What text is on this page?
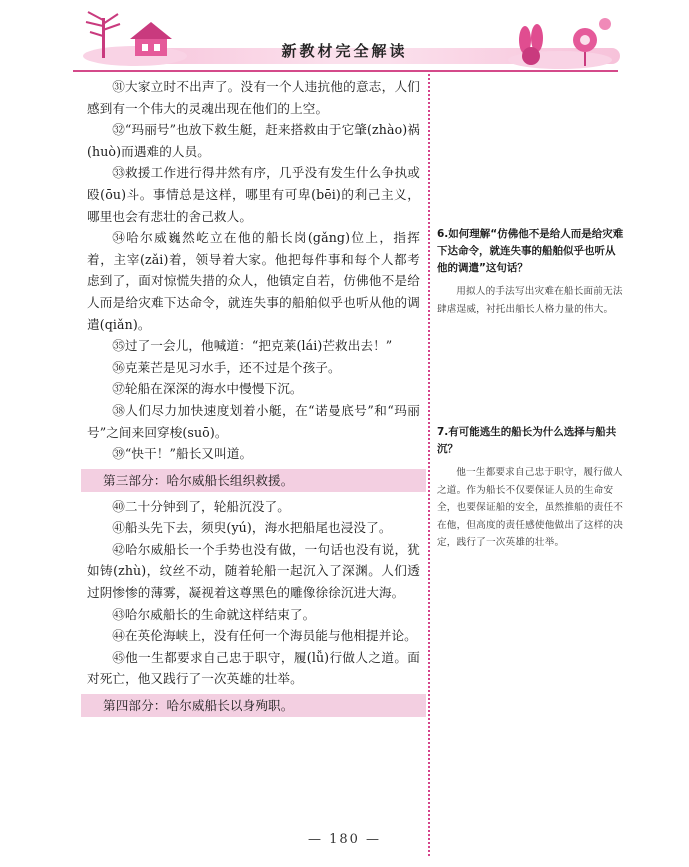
新教材完全解读

㉛大家立时不出声了。没有一个人违抗他的意志，人们感到有一个伟大的灵魂出现在他们的上空。

㉜“玛丽号”也放下救生艇，赶来搭救由于它肇(zhào)祸(huò)而遇难的人员。

㉝救援工作进行得井然有序，几乎没有发生什么争执或殴(ōu)斗。事情总是这样，哪里有可卑(bēi)的利己主义，哪里也会有悲壮的舍己救人。

㉞哈尔威巍然屹立在他的船长岗(gǎng)位上，指挥着，主宰(zǎi)着，领导着大家。他把每件事和每个人都考虑到了，面对惊慌失措的众人，他镇定自若，仿佛他不是给人而是给灾难下达命令，就连失事的船舶似乎也听从他的调遣(qiǎn)。

㉟过了一会儿，他喊道：“把克莱(lái)芒救出去！”

㊱克莱芒是见习水手，还不过是个孩子。

㊲轮船在深深的海水中慢慢下沉。

㊳人们尽力加快速度划着小艇，在“诺曼底号”和“玛丽号”之间来回穿梭(suō)。

㊴“快干！”船长又叫道。

第三部分：哈尔威船长组织救援。

㊵二十分钟到了，轮船沉没了。

㊶船头先下去，须臾(yú)，海水把船尾也浸没了。

㊷哈尔威船长一个手势也没有做，一句话也没有说，犹如铸(zhù)，纹丝不动，随着轮船一起沉入了深渊。人们透过阴惨惨的薄雾，凝视着这尊黑色的雕像徐徐沉进大海。

㊸哈尔威船长的生命就这样结束了。

㊹在英伦海峡上，没有任何一个海员能与他相提并论。

㊺他一生都要求自己忠于职守，履(lǚ)行做人之道。面对死亡，他又践行了一次英雄的壮举。

第四部分：哈尔威船长以身殉职。

6.如何理解“仿佛他不是给人而是给灾难下达命令，就连失事的船舶似乎也听从他的调遣”这句话？

用拟人的手法写出灾难在船长面前无法肆虐逞威，衬托出船长人格力量的伟大。

7.有可能逃生的船长为什么选择与船共沉？

他一生都要求自己忠于职守，履行做人之道。作为船长不仅要保证人员的生命安全，也要保证船的安全，虽然推船的责任不在他，但高度的责任感使他做出了这样的决定，践行了一次英雄的壮举。

— 180 —
